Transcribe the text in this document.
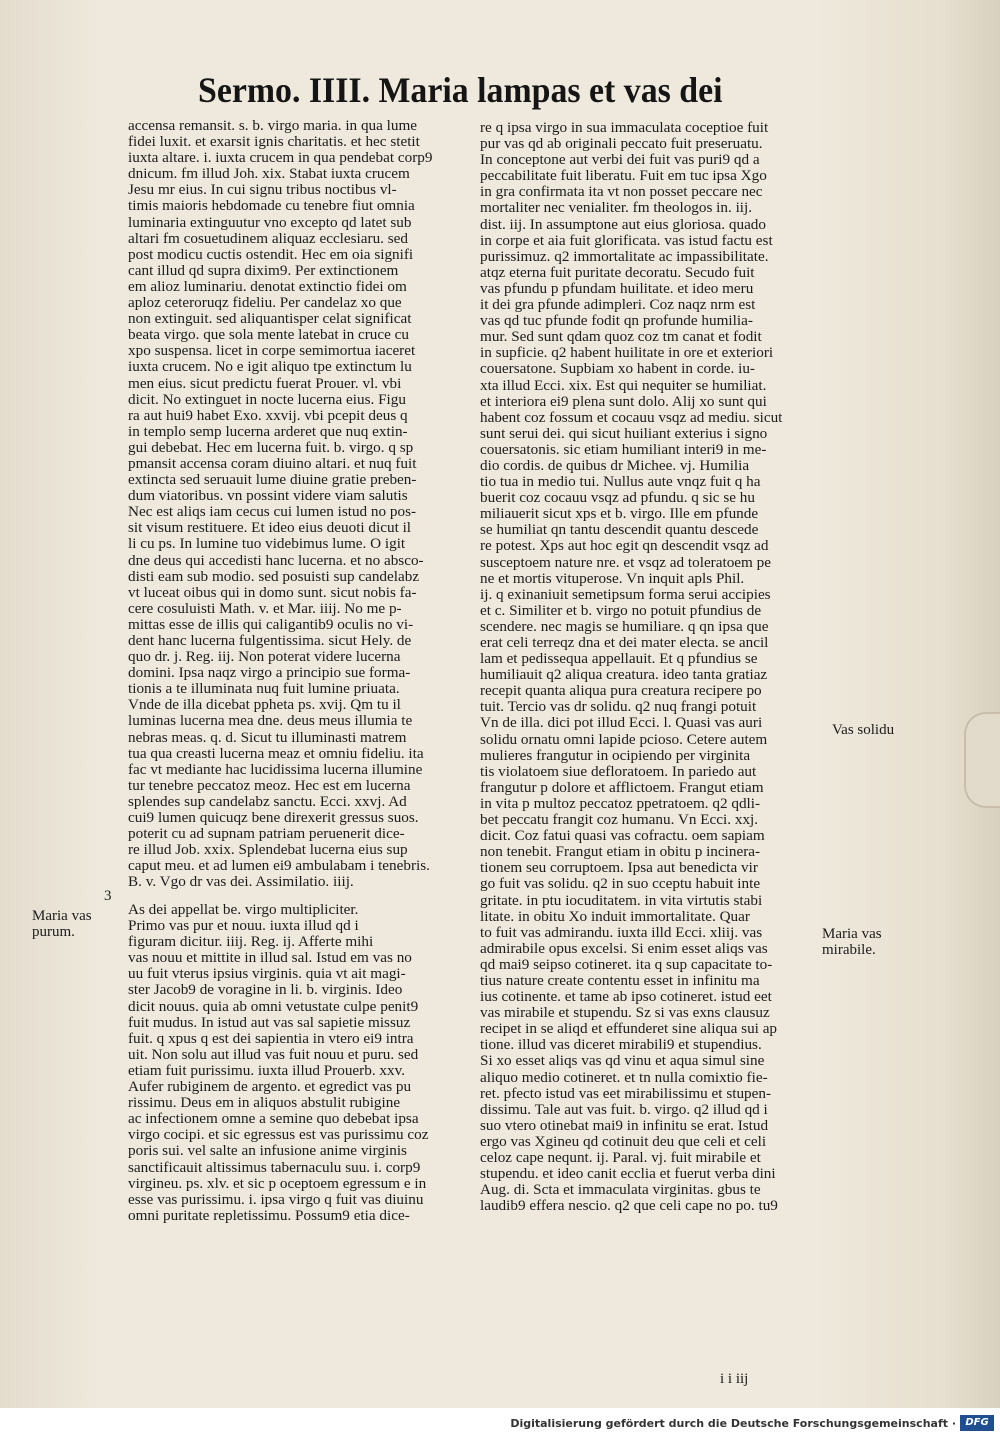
Sermo. IIII. Maria lampas et vas dei
accensa remansit. s. b. virgo maria. in qua lume
fidei luxit. et exarsit ignis charitatis. et hec stetit
iuxta altare. i. iuxta crucem in qua pendebat corp9
dnicum. fm illud Joh. xix. Stabat iuxta crucem
Jesu mr eius. In cui signu tribus noctibus vl-
timis maioris hebdomade cu tenebre fiut omnia
luminaria extinguutur vno excepto qd latet sub
altari fm cosuetudinem aliquaz ecclesiaru. sed
post modicu cuctis ostendit. Hec em oia signifi
cant illud qd supra dixim9. Per extinctionem
em alioz luminariu. denotat extinctio fidei om
aploz ceteroruqz fideliu. Per candelaz xo que
non extinguit. sed aliquantisper celat significat
beata virgo. que sola mente latebat in cruce cu
xpo suspensa. licet in corpe semimortua iaceret
iuxta crucem. No e igit aliquo tpe extinctum lu
men eius. sicut predictu fuerat Prouer. vl. vbi
dicit. No extinguet in nocte lucerna eius. Figu
ra aut hui9 habet Exo. xxvij. vbi pcepit deus q
in templo semp lucerna arderet que nuq extin-
gui debebat. Hec em lucerna fuit. b. virgo. q sp
pmansit accensa coram diuino altari. et nuq fuit
extincta sed seruauit lume diuine gratie preben-
dum viatoribus. vn possint videre viam salutis
Nec est aliqs iam cecus cui lumen istud no pos-
sit visum restituere. Et ideo eius deuoti dicut il
li cu ps. In lumine tuo videbimus lume. O igit
dne deus qui accedisti hanc lucerna. et no absco-
disti eam sub modio. sed posuisti sup candelabz
vt luceat oibus qui in domo sunt. sicut nobis fa-
cere cosuluisti Math. v. et Mar. iiij. No me p-
mittas esse de illis qui caligantib9 oculis no vi-
dent hanc lucerna fulgentissima. sicut Hely. de
quo dr. j. Reg. iij. Non poterat videre lucerna
domini. Ipsa naqz virgo a principio sue forma-
tionis a te illuminata nuq fuit lumine priuata.
Vnde de illa dicebat pphetа ps. xvij. Qm tu il
luminas lucerna mea dne. deus meus illumia te
nebras meas. q. d. Sicut tu illuminasti matrem
tua qua creasti lucerna meaz et omniu fideliu. ita
fac vt mediante hac lucidissima lucerna illumine
tur tenebre peccatoz meoz. Hec est em lucerna
splendes sup candelabz sanctu. Ecci. xxvj. Ad
cui9 lumen quicuqz bene direxerit gressus suos.
poterit cu ad supnam patriam peruenerit dice-
re illud Job. xxix. Splendebat lucerna eius sup
caput meu. et ad lumen ei9 ambulabam i tenebris.
B. v. Vgo dr vas dei. Assimilatio. iiij.
As dei appellat be. virgo multipliciter.
Primo vas pur et nouu. iuxta illud qd i
figuram dicitur. iiij. Reg. ij. Afferte mihi
vas nouu et mittite in illud sal. Istud em vas no
uu fuit vterus ipsius virginis. quia vt ait magi-
ster Jacob9 de voragine in li. b. virginis. Ideo
dicit nouus. quia ab omni vetustate culpe penit9
fuit mudus. In istud aut vas sal sapietie missuz
fuit. q xpus q est dei sapientia in vtero ei9 intra
uit. Non solu aut illud vas fuit nouu et puru. sed
etiam fuit purissimu. iuxta illud Prouerb. xxv.
Aufer rubiginem de argento. et egredict vas pu
rissimu. Deus em in aliquos abstulit rubigine
ac infectionem omne a semine quo debebat ipsa
virgo cocipi. et sic egressus est vas purissimu coz
poris sui. vel salte an infusione anime virginis
sanctificauit altissimus tabernaculu suu. i. corp9
virgineu. ps. xlv. et sic p oceptoem egressum e in
esse vas purissimu. i. ipsa virgo q fuit vas diuinu
omni puritate repletissimu. Possum9 etia dice-
re q ipsa virgo in sua immaculata coceptioe fuit
pur vas qd ab originali peccato fuit preseruatu.
In conceptone aut verbi dei fuit vas puri9 qd a
peccabilitate fuit liberatu. Fuit em tuc ipsa Xgo
in gra confirmata ita vt non posset peccare nec
mortaliter nec venialiter. fm theologos in. iij.
dist. iij. In assumptone aut eius gloriosa. quado
in corpe et aia fuit glorificata. vas istud factu est
purissimuz. q2 immortalitate ac impassibilitate.
atqz eterna fuit puritate decoratu. Secudo fuit
vas pfundu p pfundam huilitate. et ideo meru
it dei gra pfunde adimpleri. Coz naqz nrm est
vas qd tuc pfunde fodit qn profunde humilia-
mur. Sed sunt qdam quoz coz tm canat et fodit
in supficie. q2 habent huilitate in ore et exteriori
couersatone. Supbiam xo habent in corde. iu-
xta illud Ecci. xix. Est qui nequiter se humiliat.
et interiora ei9 plena sunt dolo. Alij xo sunt qui
habent coz fossum et cocauu vsqz ad mediu. sicut
sunt serui dei. qui sicut huiliant exterius i signo
couersatonis. sic etiam humiliant interi9 in me-
dio cordis. de quibus dr Michee. vj. Humilia
tio tua in medio tui. Nullus aute vnqz fuit q ha
buerit coz cocauu vsqz ad pfundu. q sic se hu
miliauerit sicut xps et b. virgo. Ille em pfunde
se humiliat qn tantu descendit quantu descede
re potest. Xps aut hoc egit qn descendit vsqz ad
susceptoem nature nre. et vsqz ad toleratoem pe
ne et mortis vituperose. Vn inquit apls Phil.
ij. q exinaniuit semetipsum forma serui accipies
et c. Similiter et b. virgo no potuit pfundius de
scendere. nec magis se humiliare. q qn ipsa que
erat celi terreqz dna et dei mater electa. se ancil
lam et pedissequa appellauit. Et q pfundius se
humiliauit q2 aliqua creatura. ideo tanta gratiaz
recepit quanta aliqua pura creatura recipere po
tuit. Tercio vas dr solidu. q2 nuq frangi potuit
Vn de illa. dici pot illud Ecci. l. Quasi vas auri
solidu ornatu omni lapide pcioso. Cetere autem
mulieres frangutur in ocipiendo per virginita
tis violatoem siue defloratoem. In pariedo aut
frangutur p dolore et afflictoem. Frangut etiam
in vita p multoz peccatoz ppetratoem. q2 qdli-
bet peccatu frangit coz humanu. Vn Ecci. xxj.
dicit. Coz fatui quasi vas cofractu. oem sapiam
non tenebit. Frangut etiam in obitu p incinera-
tionem seu corruptoem. Ipsa aut benedicta vir
go fuit vas solidu. q2 in suo cceptu habuit inte
gritate. in ptu iocuditatem. in vita virtutis stabi
litate. in obitu Xo induit immortalitate. Quar
to fuit vas admirandu. iuxta illd Ecci. xliij. vas
admirabile opus excelsi. Si enim esset aliqs vas
qd mai9 seipso cotineret. ita q sup capacitate to-
tius nature create contentu esset in infinitu ma
ius cotinente. et tame ab ipso cotineret. istud eet
vas mirabile et stupendu. Sz si vas exns clausuz
recipet in se aliqd et effunderet sine aliqua sui ap
tione. illud vas diceret mirabili9 et stupendius.
Si xo esset aliqs vas qd vinu et aqua simul sine
aliquo medio cotineret. et tn nulla comixtio fie-
ret. pfecto istud vas eet mirabilissimu et stupen-
dissimu. Tale aut vas fuit. b. virgo. q2 illud qd i
suo vtero otinebat mai9 in infinitu se erat. Istud
ergo vas Xgineu qd cotinuit deu que celi et celi
celoz cape nequnt. ij. Paral. vj. fuit mirabile et
stupendu. et ideo canit ecclia et fuerut verba dini
Aug. di. Scta et immaculata virginitas. gbus te
laudib9 efferа nescio. q2 que celi cape no po. tu9
3
Maria vas
purum.
Vas solidu
Maria vas
mirabile.
i i iij
Digitalisierung gefördert durch die Deutsche Forschungsgemeinschaft · DFG
